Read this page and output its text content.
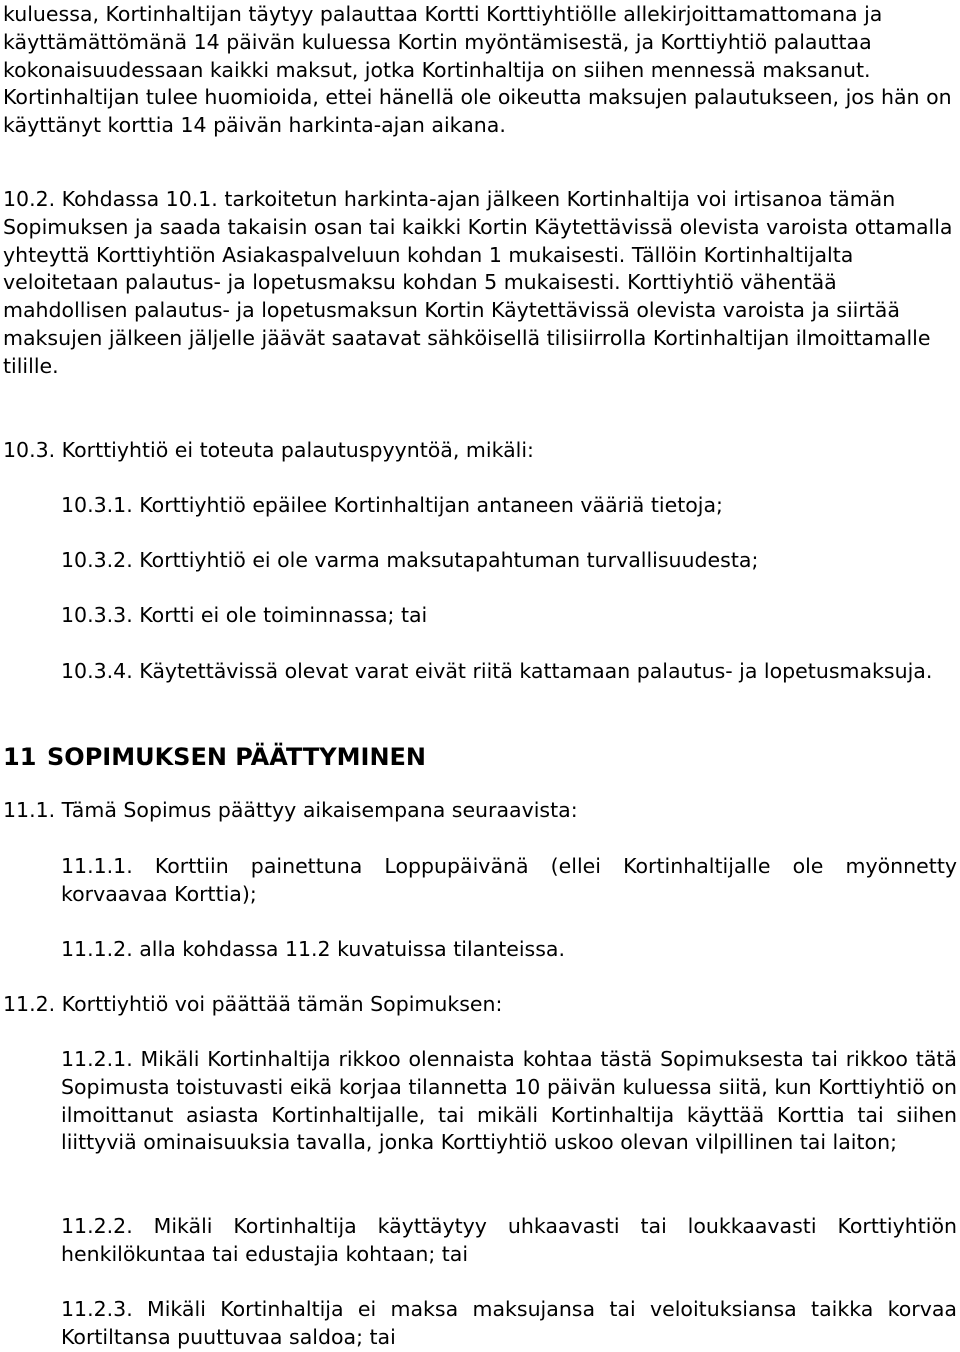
kuluessa, Kortinhaltijan täytyy palauttaa Kortti Korttiyhtiölle allekirjoittamattomana ja käyttämättömänä 14 päivän kuluessa Kortin myöntämisestä, ja Korttiyhtiö palauttaa kokonaisuudessaan kaikki maksut, jotka Kortinhaltija on siihen mennessä maksanut. Kortinhaltijan tulee huomioida, ettei hänellä ole oikeutta maksujen palautukseen, jos hän on käyttänyt korttia 14 päivän harkinta-ajan aikana.

10.2. Kohdassa 10.1. tarkoitetun harkinta-ajan jälkeen Kortinhaltija voi irtisanoa tämän Sopimuksen ja saada takaisin osan tai kaikki Kortin Käytettävissä olevista varoista ottamalla yhteyttä Korttiyhtiön Asiakaspalveluun kohdan 1 mukaisesti. Tällöin Kortinhaltijalta veloitetaan palautus- ja lopetusmaksu kohdan 5 mukaisesti. Korttiyhtiö vähentää mahdollisen palautus- ja lopetusmaksun Kortin Käytettävissä olevista varoista ja siirtää maksujen jälkeen jäljelle jäävät saatavat sähköisellä tilisiirrolla Kortinhaltijan ilmoittamalle tilille.

10.3. Korttiyhtiö ei toteuta palautuspyyntöä, mikäli:

10.3.1. Korttiyhtiö epäilee Kortinhaltijan antaneen vääriä tietoja;

10.3.2. Korttiyhtiö ei ole varma maksutapahtuman turvallisuudesta;

10.3.3. Kortti ei ole toiminnassa; tai

10.3.4. Käytettävissä olevat varat eivät riitä kattamaan palautus- ja lopetusmaksuja.

11 SOPIMUKSEN PÄÄTTYMINEN

11.1. Tämä Sopimus päättyy aikaisempana seuraavista:

11.1.1. Korttiin painettuna Loppupäivänä (ellei Kortinhaltijalle ole myönnetty korvaavaa Korttia);

11.1.2. alla kohdassa 11.2 kuvatuissa tilanteissa.

11.2. Korttiyhtiö voi päättää tämän Sopimuksen:

11.2.1. Mikäli Kortinhaltija rikkoo olennaista kohtaa tästä Sopimuksesta tai rikkoo tätä Sopimusta toistuvasti eikä korjaa tilannetta 10 päivän kuluessa siitä, kun Korttiyhtiö on ilmoittanut asiasta Kortinhaltijalle, tai mikäli Kortinhaltija käyttää Korttia tai siihen liittyviä ominaisuuksia tavalla, jonka Korttiyhtiö uskoo olevan vilpillinen tai laiton;

11.2.2. Mikäli Kortinhaltija käyttäytyy uhkaavasti tai loukkaavasti Korttiyhtiön henkilökuntaa tai edustajia kohtaan; tai

11.2.3. Mikäli Kortinhaltija ei maksa maksujansa tai veloituksiansa taikka korvaa Kortiltansa puuttuvaa saldoa; tai
